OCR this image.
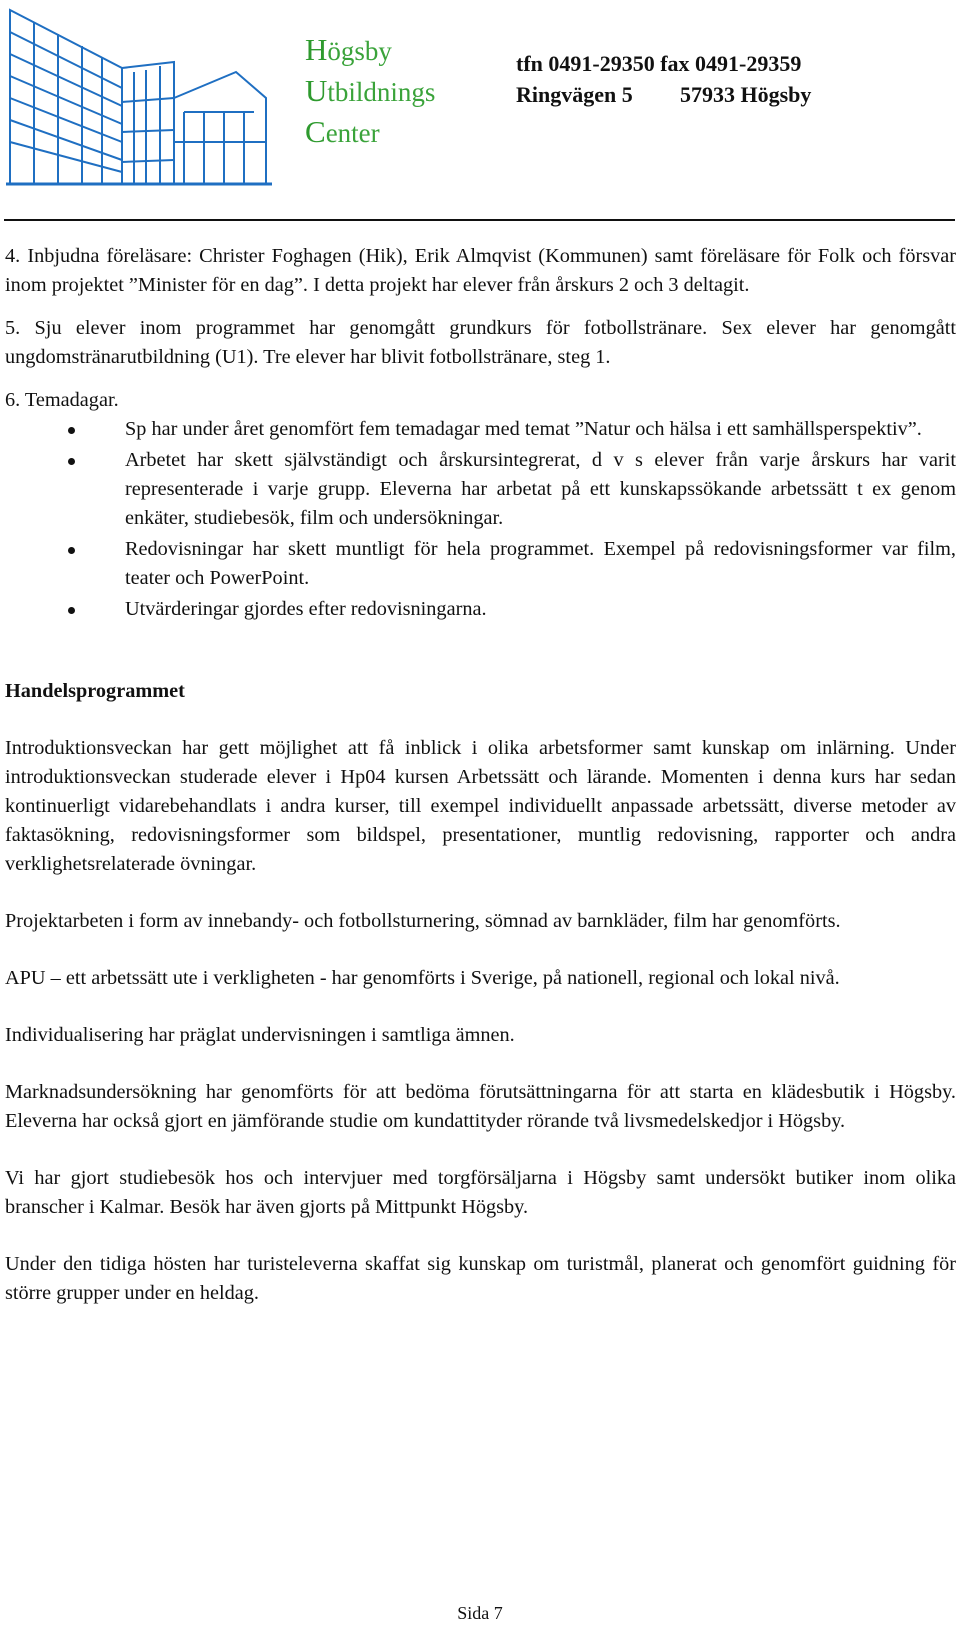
Högsby
Utbildnings
Center
tfn 0491-29350 fax 0491-29359
Ringvägen 5 57933 Högsby

4. Inbjudna föreläsare: Christer Foghagen (Hik), Erik Almqvist (Kommunen) samt föreläsare för Folk och försvar inom projektet ”Minister för en dag”. I detta projekt har elever från årskurs 2 och 3 deltagit.

5. Sju elever inom programmet har genomgått grundkurs för fotbollstränare. Sex elever har genomgått ungdomstränarutbildning (U1). Tre elever har blivit fotbollstränare, steg 1.

6. Temadagar.

Sp har under året genomfört fem temadagar med temat ”Natur och hälsa i ett samhällsperspektiv”.
Arbetet har skett självständigt och årskursintegrerat, d v s elever från varje årskurs har varit representerade i varje grupp. Eleverna har arbetat på ett kunskapssökande arbetssätt t ex genom enkäter, studiebesök, film och undersökningar.
Redovisningar har skett muntligt för hela programmet. Exempel på redovisningsformer var film, teater och PowerPoint.
Utvärderingar gjordes efter redovisningarna.

Handelsprogrammet

Introduktionsveckan har gett möjlighet att få inblick i olika arbetsformer samt kunskap om inlärning. Under introduktionsveckan studerade elever i Hp04 kursen Arbetssätt och lärande. Momenten i denna kurs har sedan kontinuerligt vidarebehandlats i andra kurser, till exempel individuellt anpassade arbetssätt, diverse metoder av faktasökning, redovisningsformer som bildspel, presentationer, muntlig redovisning, rapporter och andra verklighetsrelaterade övningar.

Projektarbeten i form av innebandy- och fotbollsturnering, sömnad av barnkläder, film har genomförts.

APU – ett arbetssätt ute i verkligheten - har genomförts i Sverige, på nationell, regional och lokal nivå.

Individualisering har präglat undervisningen i samtliga ämnen.

Marknadsundersökning har genomförts för att bedöma förutsättningarna för att starta en klädesbutik i Högsby. Eleverna har också gjort en jämförande studie om kundattityder rörande två livsmedelskedjor i Högsby.

Vi har gjort studiebesök hos och intervjuer med torgförsäljarna i Högsby samt undersökt butiker inom olika branscher i Kalmar. Besök har även gjorts på Mittpunkt Högsby.

Under den tidiga hösten har turisteleverna skaffat sig kunskap om turistmål, planerat och genomfört guidning för större grupper under en heldag.

Sida 7
